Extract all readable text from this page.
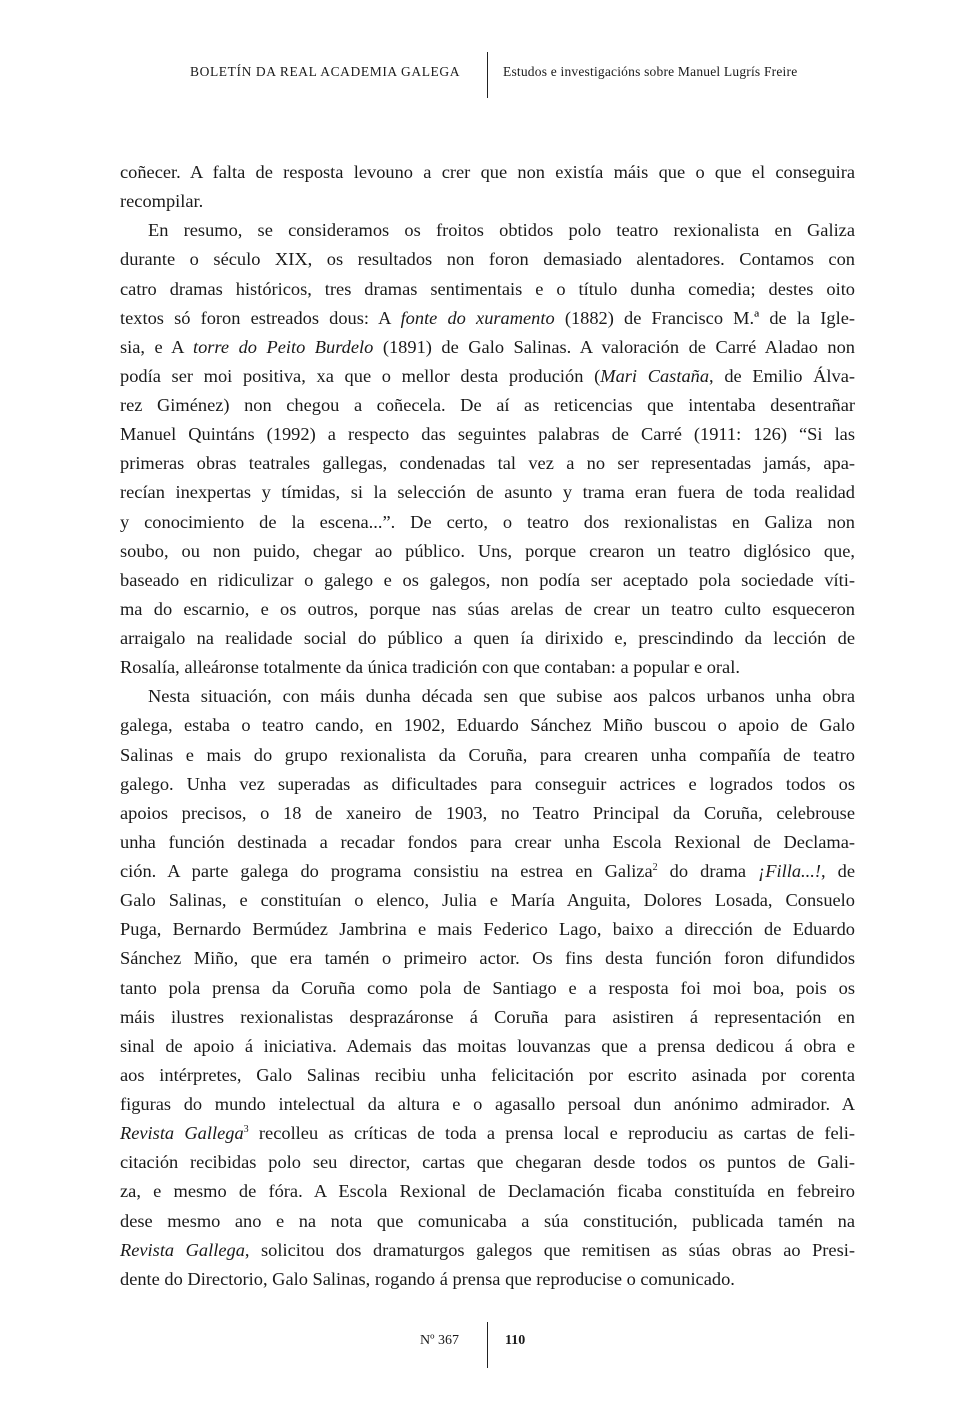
BOLETÍN DA REAL ACADEMIA GALEGA	Estudos e investigacións sobre Manuel Lugrís Freire
coñecer. A falta de resposta levouno a crer que non existía máis que o que el conseguira
recompilar.
En resumo, se consideramos os froitos obtidos polo teatro rexionalista en Galiza
durante o século XIX, os resultados non foron demasiado alentadores. Contamos con
catro dramas históricos, tres dramas sentimentais e o título dunha comedia; destes oito
textos só foron estreados dous: A fonte do xuramento (1882) de Francisco M.ª de la Igle-
sia, e A torre do Peito Burdelo (1891) de Galo Salinas. A valoración de Carré Aladao non
podía ser moi positiva, xa que o mellor desta produción (Mari Castaña, de Emilio Álva-
rez Giménez) non chegou a coñecela. De aí as reticencias que intentaba desentrañar
Manuel Quintáns (1992) a respecto das seguintes palabras de Carré (1911: 126) “Si las
primeras obras teatrales gallegas, condenadas tal vez a no ser representadas jamás, apa-
recían inexpertas y tímidas, si la selección de asunto y trama eran fuera de toda realidad
y conocimiento de la escena...”. De certo, o teatro dos rexionalistas en Galiza non
soubo, ou non puido, chegar ao público. Uns, porque crearon un teatro diglósico que,
baseado en ridiculizar o galego e os galegos, non podía ser aceptado pola sociedade víti-
ma do escarnio, e os outros, porque nas súas arelas de crear un teatro culto esqueceron
arraigalo na realidade social do público a quen ía dirixido e, prescindindo da lección de
Rosalía, alleáronse totalmente da única tradición con que contaban: a popular e oral.
Nesta situación, con máis dunha década sen que subise aos palcos urbanos unha obra
galega, estaba o teatro cando, en 1902, Eduardo Sánchez Miño buscou o apoio de Galo
Salinas e mais do grupo rexionalista da Coruña, para crearen unha compañía de teatro
galego. Unha vez superadas as dificultades para conseguir actrices e logrados todos os
apoios precisos, o 18 de xaneiro de 1903, no Teatro Principal da Coruña, celebrouse
unha función destinada a recadar fondos para crear unha Escola Rexional de Declama-
ción. A parte galega do programa consistiu na estrea en Galiza$^2$ do drama ¡Filla...!, de
Galo Salinas, e constituían o elenco, Julia e María Anguita, Dolores Losada, Consuelo
Puga, Bernardo Bermúdez Jambrina e mais Federico Lago, baixo a dirección de Eduardo
Sánchez Miño, que era tamén o primeiro actor. Os fins desta función foron difundidos
tanto pola prensa da Coruña como pola de Santiago e a resposta foi moi boa, pois os
máis ilustres rexionalistas desprazáronse á Coruña para asistiren á representación en
sinal de apoio á iniciativa. Ademais das moitas louvanzas que a prensa dedicou á obra e
aos intérpretes, Galo Salinas recibiu unha felicitación por escrito asinada por corenta
figuras do mundo intelectual da altura e o agasallo persoal dun anónimo admirador. A
Revista Gallega$^3$ recolleu as críticas de toda a prensa local e reproduciu as cartas de feli-
citación recibidas polo seu director, cartas que chegaran desde todos os puntos de Gali-
za, e mesmo de fóra. A Escola Rexional de Declamación ficaba constituída en febreiro
dese mesmo ano e na nota que comunicaba a súa constitución, publicada tamén na
Revista Gallega, solicitou dos dramaturgos galegos que remitisen as súas obras ao Presi-
dente do Directorio, Galo Salinas, rogando á prensa que reproducise o comunicado.
Nº 367	110
